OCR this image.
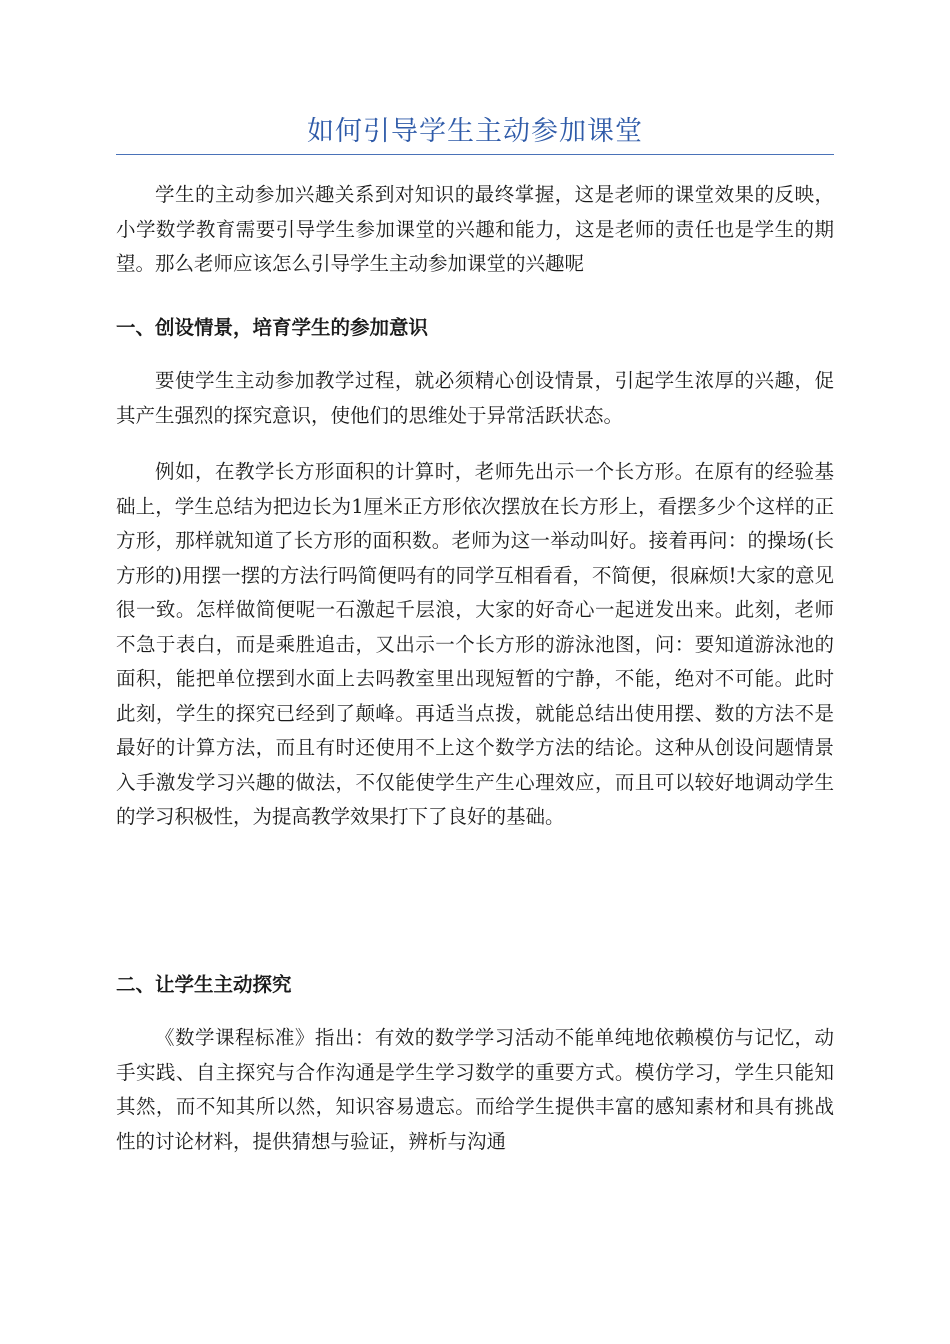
如何引导学生主动参加课堂

学生的主动参加兴趣关系到对知识的最终掌握，这是老师的课堂效果的反映，小学数学教育需要引导学生参加课堂的兴趣和能力，这是老师的责任也是学生的期望。那么老师应该怎么引导学生主动参加课堂的兴趣呢

一、创设情景，培育学生的参加意识

要使学生主动参加教学过程，就必须精心创设情景，引起学生浓厚的兴趣，促其产生强烈的探究意识，使他们的思维处于异常活跃状态。

例如，在教学长方形面积的计算时，老师先出示一个长方形。在原有的经验基础上，学生总结为把边长为1厘米正方形依次摆放在长方形上，看摆多少个这样的正方形，那样就知道了长方形的面积数。老师为这一举动叫好。接着再问：的操场(长方形的)用摆一摆的方法行吗简便吗有的同学互相看看，不简便，很麻烦!大家的意见很一致。怎样做简便呢一石激起千层浪，大家的好奇心一起迸发出来。此刻，老师不急于表白，而是乘胜追击，又出示一个长方形的游泳池图，问：要知道游泳池的面积，能把单位摆到水面上去吗教室里出现短暂的宁静，不能，绝对不可能。此时此刻，学生的探究已经到了颠峰。再适当点拨，就能总结出使用摆、数的方法不是最好的计算方法，而且有时还使用不上这个数学方法的结论。这种从创设问题情景入手激发学习兴趣的做法，不仅能使学生产生心理效应，而且可以较好地调动学生的学习积极性，为提高教学效果打下了良好的基础。

二、让学生主动探究

《数学课程标准》指出：有效的数学学习活动不能单纯地依赖模仿与记忆，动手实践、自主探究与合作沟通是学生学习数学的重要方式。模仿学习，学生只能知其然，而不知其所以然，知识容易遗忘。而给学生提供丰富的感知素材和具有挑战性的讨论材料，提供猜想与验证，辨析与沟通
